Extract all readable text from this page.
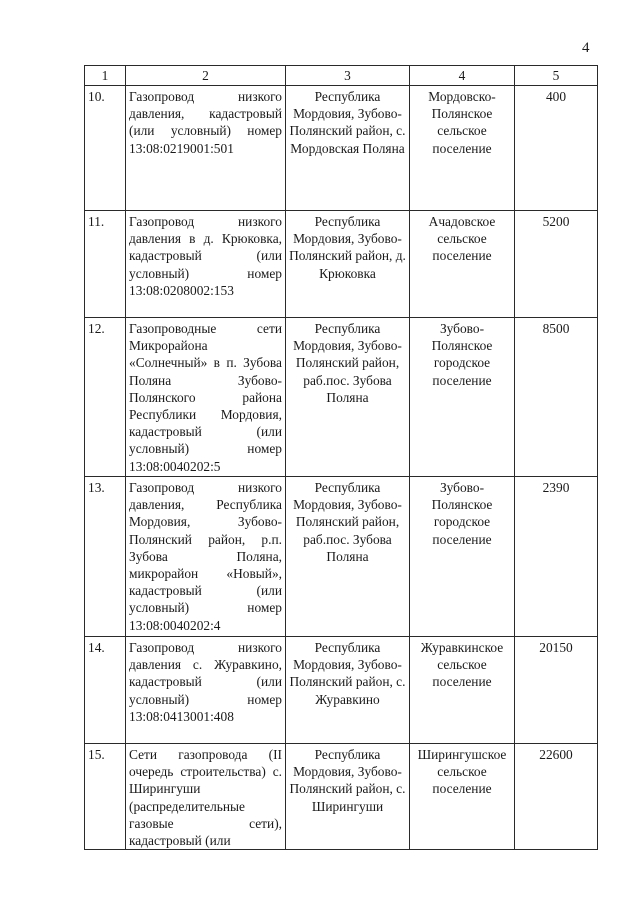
4
1	2	3	4	5
10.	Газопровод низкого давления, кадастровый (или условный) номер 13:08:0219001:501	Республика Мордовия, Зубово-Полянский район, с. Мордовская Поляна	Мордовско-Полянское сельское поселение	400
11.	Газопровод низкого давления в д. Крюковка, кадастровый (или условный) номер 13:08:0208002:153	Республика Мордовия, Зубово-Полянский район, д. Крюковка	Ачадовское сельское поселение	5200
12.	Газопроводные сети Микрорайона «Солнечный» в п. Зубова Поляна Зубово-Полянского района Республики Мордовия, кадастровый (или условный) номер 13:08:0040202:5	Республика Мордовия, Зубово-Полянский район, раб.пос. Зубова Поляна	Зубово-Полянское городское поселение	8500
13.	Газопровод низкого давления, Республика Мордовия, Зубово-Полянский район, р.п. Зубова Поляна, микрорайон «Новый», кадастровый (или условный) номер 13:08:0040202:4	Республика Мордовия, Зубово-Полянский район, раб.пос. Зубова Поляна	Зубово-Полянское городское поселение	2390
14.	Газопровод низкого давления с. Журавкино, кадастровый (или условный) номер 13:08:0413001:408	Республика Мордовия, Зубово-Полянский район, с. Журавкино	Журавкинское сельское поселение	20150
15.	Сети газопровода (II очередь строительства) с. Ширингуши (распределительные газовые сети), кадастровый (или	Республика Мордовия, Зубово-Полянский район, с. Ширингуши	Ширингушское сельское поселение	22600
